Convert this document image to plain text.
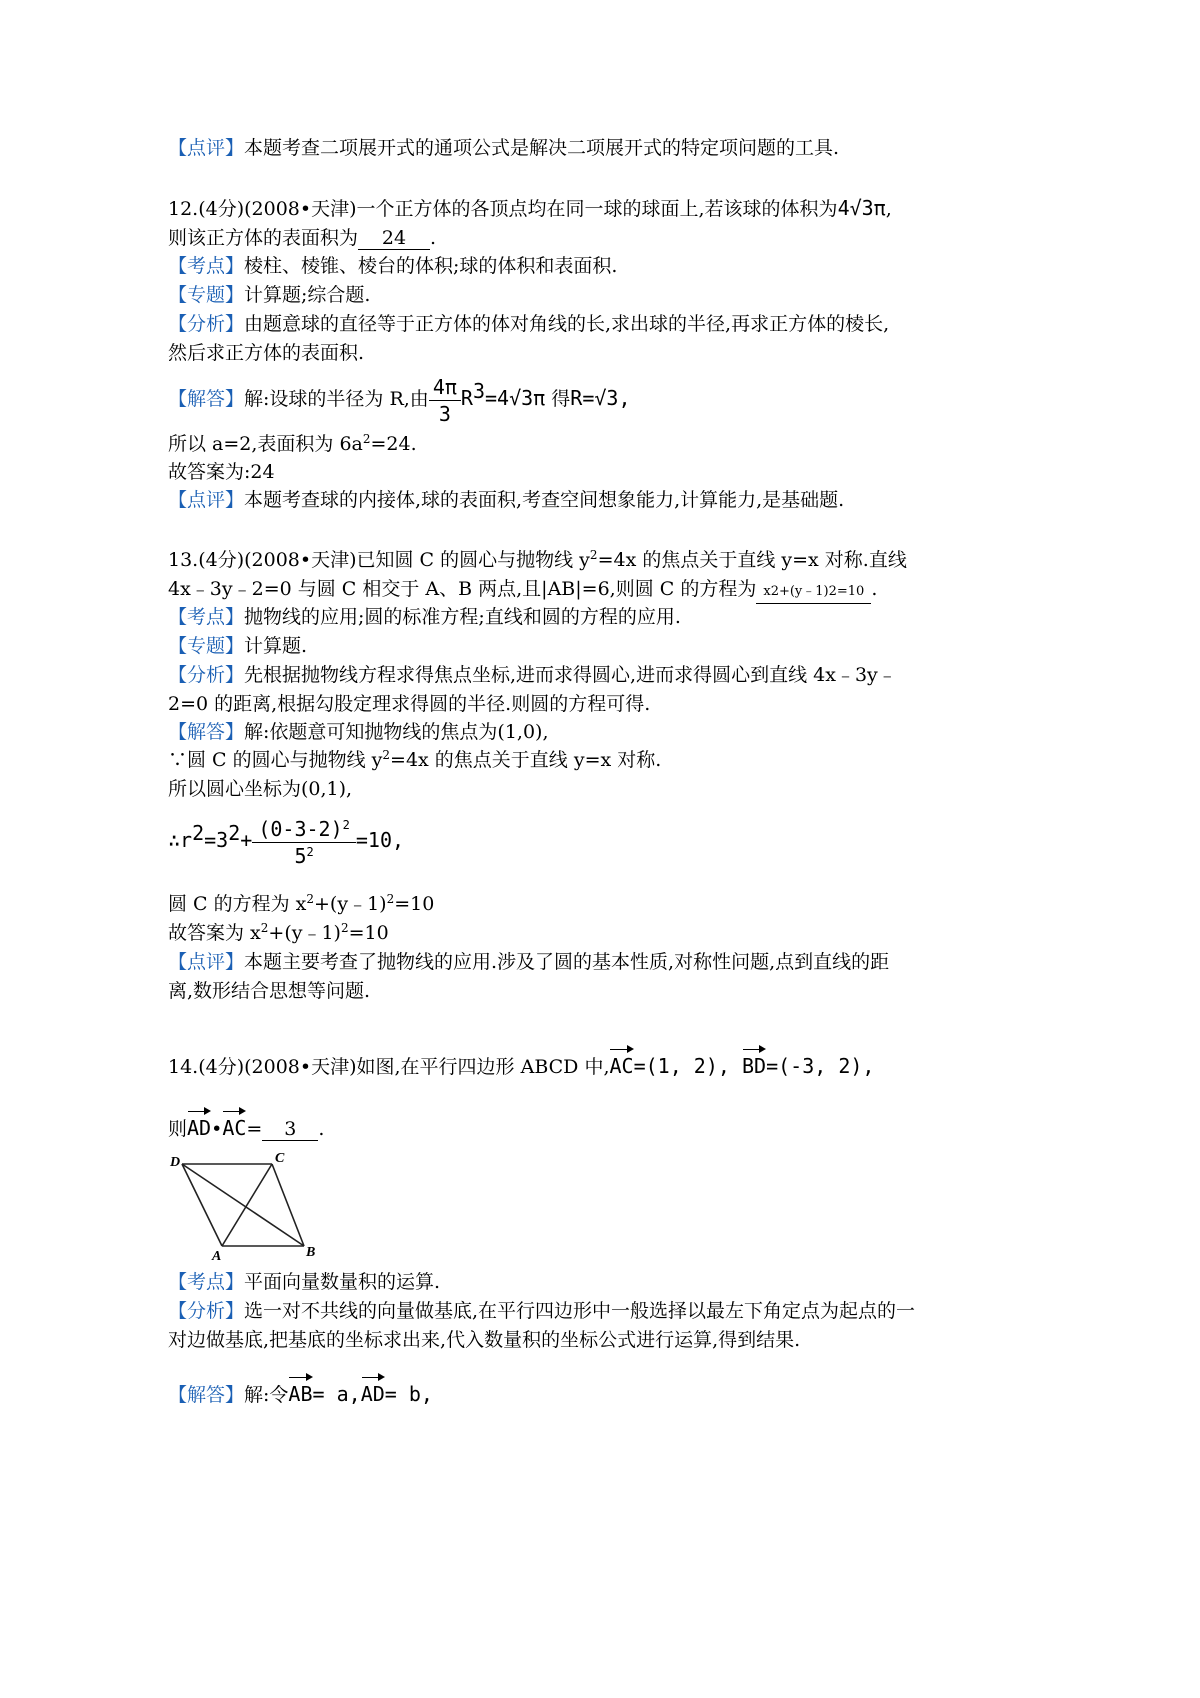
【点评】本题考查二项展开式的通项公式是解决二项展开式的特定项问题的工具.
12.(4分)(2008•天津)一个正方体的各顶点均在同一球的球面上,若该球的体积为4√3π,
则该正方体的表面积为 24 .
【考点】棱柱、棱锥、棱台的体积;球的体积和表面积.
【专题】计算题;综合题.
【分析】由题意球的直径等于正方体的体对角线的长,求出球的半径,再求正方体的棱长,
然后求正方体的表面积.
【解答】解:设球的半径为 R,由 $\frac{4\pi}{3} R^3=4√3\pi$ 得R=√3,
所以 a=2,表面积为 $6a^2=24$.
故答案为:24
【点评】本题考查球的内接体,球的表面积,考查空间想象能力,计算能力,是基础题.
13.(4分)(2008•天津)已知圆 C 的圆心与抛物线 $y^2=4x$ 的焦点关于直线 y=x 对称.直线
4x﹣3y﹣2=0 与圆 C 相交于 A、B 两点,且|AB|=6,则圆 C 的方程为 x2+(y﹣1)2=10 .
【考点】抛物线的应用;圆的标准方程;直线和圆的方程的应用.
【专题】计算题.
【分析】先根据抛物线方程求得焦点坐标,进而求得圆心,进而求得圆心到直线 4x﹣3y﹣
2=0 的距离,根据勾股定理求得圆的半径.则圆的方程可得.
【解答】解:依题意可知抛物线的焦点为(1,0),
∵圆 C 的圆心与抛物线 $y^2=4x$ 的焦点关于直线 y=x 对称.
所以圆心坐标为(0,1),
$\therefore r^2=3^2+ \frac{(0-3-2)^2}{5^2} =10$,
圆 C 的方程为 $x^2+(y﹣1)^2=10$
故答案为 $x^2+(y﹣1)^2=10$
【点评】本题主要考查了抛物线的应用.涉及了圆的基本性质,对称性问题,点到直线的距
离,数形结合思想等问题.
14.(4分)(2008•天津)如图,在平行四边形 ABCD 中,AC=(1, 2), BD=(-3, 2),
则AD•AC= 3 .
D	C
A	B
【考点】平面向量数量积的运算.
【分析】选一对不共线的向量做基底,在平行四边形中一般选择以最左下角定点为起点的一
对边做基底,把基底的坐标求出来,代入数量积的坐标公式进行运算,得到结果.
【解答】解:令AB= a,AD= b,
